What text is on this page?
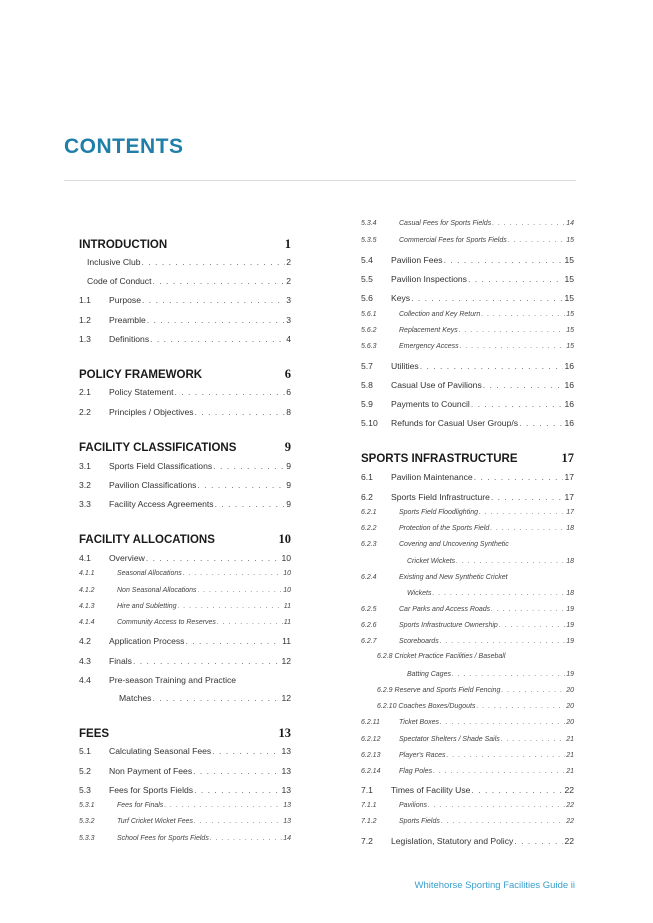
CONTENTS
INTRODUCTION	1
Inclusive Club . . .	2
Code of Conduct . . .	2
1.1	Purpose . . .	3
1.2	Preamble . . .	3
1.3	Definitions . . .	4
POLICY FRAMEWORK	6
2.1	Policy Statement . . .	6
2.2	Principles / Objectives . . .	8
FACILITY CLASSIFICATIONS	9
3.1	Sports Field Classifications . . .	9
3.2	Pavilion Classifications . . .	9
3.3	Facility Access Agreements . . .	9
FACILITY ALLOCATIONS	10
4.1	Overview . . .	10
4.1.1	Seasonal Allocations . . .	10
4.1.2	Non Seasonal Allocations . . .	10
4.1.3	Hire and Subletting . . .	11
4.1.4	Community Access to Reserves . . .	11
4.2	Application Process . . .	11
4.3	Finals . . .	12
4.4	Pre-season Training and Practice
Matches . . .	12
FEES	13
5.1	Calculating Seasonal Fees . . .	13
5.2	Non Payment of Fees . . .	13
5.3	Fees for Sports Fields . . .	13
5.3.1	Fees for Finals . . .	13
5.3.2	Turf Cricket Wicket Fees . . .	13
5.3.3	School Fees for Sports Fields . . .	14
5.3.4	Casual Fees for Sports Fields . . .	14
5.3.5	Commercial Fees for Sports Fields . . .	15
5.4	Pavilion Fees . . .	15
5.5	Pavilion Inspections . . .	15
5.6	Keys . . .	15
5.6.1	Collection and Key Return . . .	15
5.6.2	Replacement Keys . . .	15
5.6.3	Emergency Access . . .	15
5.7	Utilities . . .	16
5.8	Casual Use of Pavilions . . .	16
5.9	Payments to Council . . .	16
5.10	Refunds for Casual User Group/s . . .	16
SPORTS INFRASTRUCTURE	17
6.1	Pavilion Maintenance . . .	17
6.2	Sports Field Infrastructure . . .	17
6.2.1	Sports Field Floodlighting . . .	17
6.2.2	Protection of the Sports Field . . .	18
6.2.3	Covering and Uncovering Synthetic
Cricket Wickets . . .	18
6.2.4	Existing and New Synthetic Cricket
Wickets . . .	18
6.2.5	Car Parks and Access Roads . . .	19
6.2.6	Sports Infrastructure Ownership . . .	19
6.2.7	Scoreboards . . .	19
6.2.8 Cricket Practice Facilities / Baseball
Batting Cages . . .	19
6.2.9 Reserve and Sports Field Fencing . . .	20
6.2.10 Coaches Boxes/Dugouts . . .	20
6.2.11	Ticket Boxes . . .	20
6.2.12	Spectator Shelters / Shade Sails . . .	21
6.2.13	Player's Races . . .	21
6.2.14	Flag Poles . . .	21
7.1	Times of Facility Use . . .	22
7.1.1	Pavilions . . .	22
7.1.2	Sports Fields . . .	22
7.2	Legislation, Statutory and Policy . . .	22
Whitehorse Sporting Facilities Guide ii
